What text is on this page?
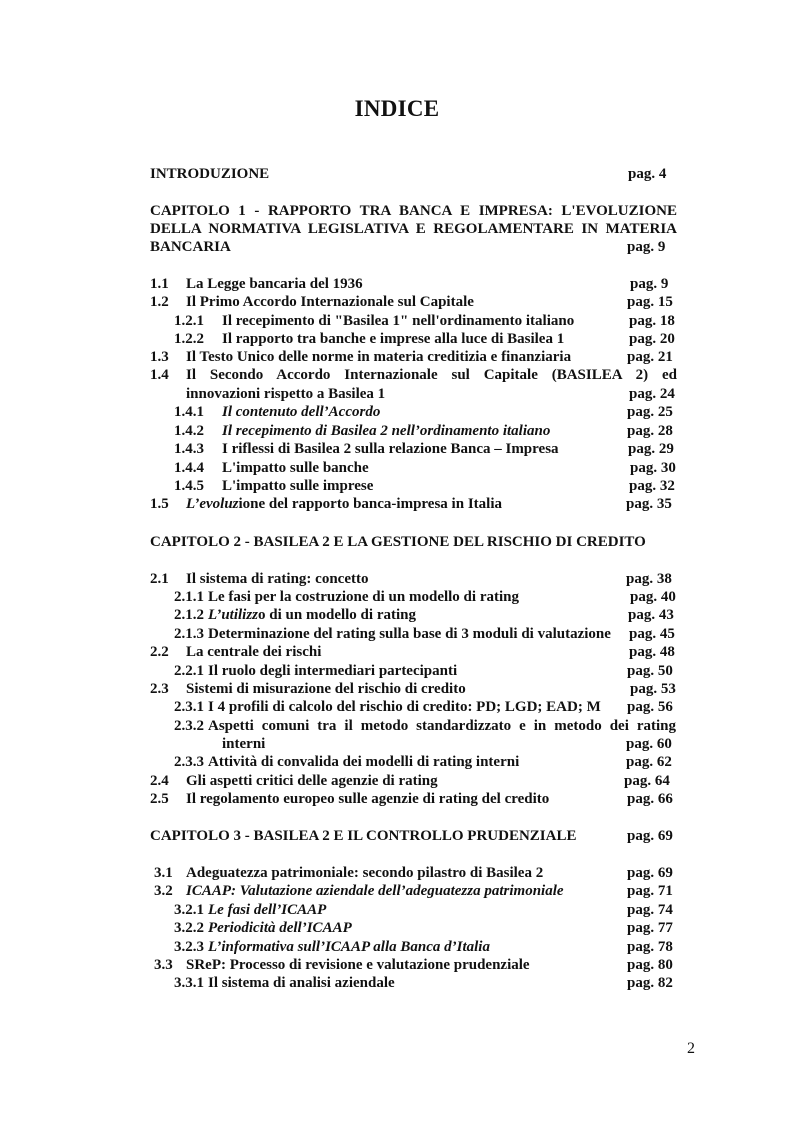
INDICE
INTRODUZIONE	pag. 4
CAPITOLO 1 - RAPPORTO TRA BANCA E IMPRESA: L'EVOLUZIONE
DELLA NORMATIVA LEGISLATIVA E REGOLAMENTARE IN MATERIA
BANCARIA	pag. 9
1.1 La Legge bancaria del 1936	pag. 9
1.2 Il Primo Accordo Internazionale sul Capitale	pag. 15
1.2.1 Il recepimento di "Basilea 1" nell'ordinamento italiano	pag. 18
1.2.2 Il rapporto tra banche e imprese alla luce di Basilea 1	pag. 20
1.3 Il Testo Unico delle norme in materia creditizia e finanziaria	pag. 21
1.4 Il Secondo Accordo Internazionale sul Capitale (BASILEA 2) ed
innovazioni rispetto a Basilea 1	pag. 24
1.4.1 Il contenuto dell’Accordo	pag. 25
1.4.2 Il recepimento di Basilea 2 nell’ordinamento italiano	pag. 28
1.4.3 I riflessi di Basilea 2 sulla relazione Banca – Impresa	pag. 29
1.4.4 L'impatto sulle banche	pag. 30
1.4.5 L'impatto sulle imprese	pag. 32
1.5 L’evoluzione del rapporto banca-impresa in Italia	pag. 35
CAPITOLO 2 - BASILEA 2 E LA GESTIONE DEL RISCHIO DI CREDITO
2.1 Il sistema di rating: concetto	pag. 38
2.1.1 Le fasi per la costruzione di un modello di rating	pag. 40
2.1.2 L’utilizzo di un modello di rating	pag. 43
2.1.3 Determinazione del rating sulla base di 3 moduli di valutazione pag. 45
2.2 La centrale dei rischi	pag. 48
2.2.1 Il ruolo degli intermediari partecipanti	pag. 50
2.3 Sistemi di misurazione del rischio di credito	pag. 53
2.3.1 I 4 profili di calcolo del rischio di credito: PD; LGD; EAD; M pag. 56
2.3.2 Aspetti comuni tra il metodo standardizzato e in metodo dei rating
interni	pag. 60
2.3.3 Attività di convalida dei modelli di rating interni	pag. 62
2.4 Gli aspetti critici delle agenzie di rating	pag. 64
2.5 Il regolamento europeo sulle agenzie di rating del credito	pag. 66
CAPITOLO 3 - BASILEA 2 E IL CONTROLLO PRUDENZIALE	pag. 69
3.1 Adeguatezza patrimoniale: secondo pilastro di Basilea 2	pag. 69
3.2 ICAAP: Valutazione aziendale dell’adeguatezza patrimoniale	pag. 71
3.2.1 Le fasi dell’ICAAP	pag. 74
3.2.2 Periodicità dell’ICAAP	pag. 77
3.2.3 L’informativa sull’ICAAP alla Banca d’Italia	pag. 78
3.3 SReP: Processo di revisione e valutazione prudenziale	pag. 80
3.3.1 Il sistema di analisi aziendale	pag. 82
2
